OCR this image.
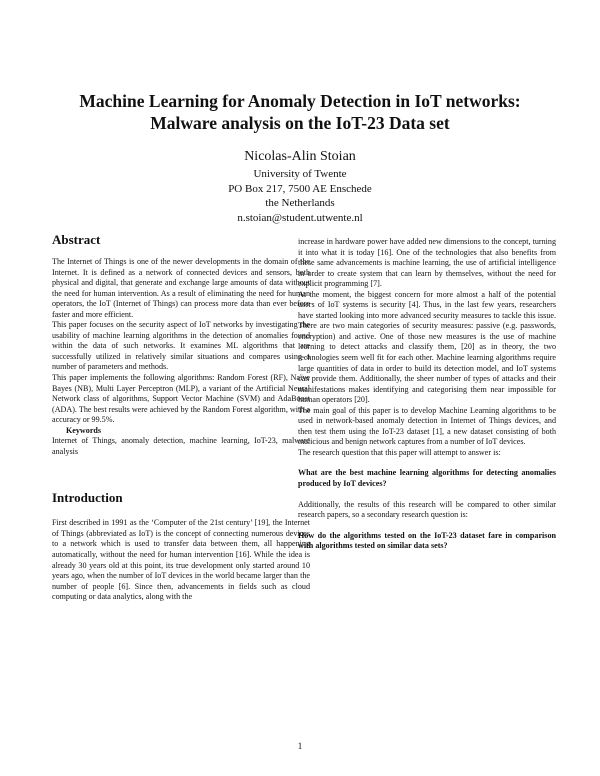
Machine Learning for Anomaly Detection in IoT networks:
Malware analysis on the IoT-23 Data set
Nicolas-Alin Stoian
University of Twente
PO Box 217, 7500 AE Enschede
the Netherlands
n.stoian@student.utwente.nl
Abstract

The Internet of Things is one of the newer developments in the domain of the Internet. It is defined as a network of connected devices and sensors, both physical and digital, that generate and exchange large amounts of data without the need for human intervention. As a result of eliminating the need for human operators, the IoT (Internet of Things) can process more data than ever before faster and more efficient.

This paper focuses on the security aspect of IoT networks by investigating the usability of machine learning algorithms in the detection of anomalies found within the data of such networks. It examines ML algorithms that are successfully utilized in relatively similar situations and compares using a number of parameters and methods.

This paper implements the following algorithms: Random Forest (RF), Naïve Bayes (NB), Multi Layer Perceptron (MLP), a variant of the Artificial Neural Network class of algorithms, Support Vector Machine (SVM) and AdaBoost (ADA). The best results were achieved by the Random Forest algorithm, with a accuracy or 99.5%.

Keywords

Internet of Things, anomaly detection, machine learning, IoT-23, malware analysis

Introduction

First described in 1991 as the ‘Computer of the 21st century’ [19], the Internet of Things (abbreviated as IoT) is the concept of connecting numerous devices to a network which is used to transfer data between them, all happening automatically, without the need for human intervention [16]. While the idea is already 30 years old at this point, its true development only started around 10 years ago, when the number of IoT devices in the world became larger than the number of people [6]. Since then, advancements in fields such as cloud computing or data analytics, along with the

increase in hardware power have added new dimensions to the concept, turning it into what it is today [16]. One of the technologies that also benefits from these same advancements is machine learning, the use of artificial intelligence in order to create system that can learn by themselves, without the need for explicit programming [7].

At the moment, the biggest concern for more almost a half of the potential users of IoT systems is security [4]. Thus, in the last few years, researchers have started looking into more advanced security measures to tackle this issue. There are two main categories of security measures: passive (e.g. passwords, encryption) and active. One of those new measures is the use of machine learning to detect attacks and classify them, [20] as in theory, the two technologies seem well fit for each other. Machine learning algorithms require large quantities of data in order to build its detection model, and IoT systems can provide them. Additionally, the sheer number of types of attacks and their manifestations makes identifying and categorising them near impossible for human operators [20].

The main goal of this paper is to develop Machine Learning algorithms to be used in network-based anomaly detection in Internet of Things devices, and then test them using the IoT-23 dataset [1], a new dataset consisting of both malicious and benign network captures from a number of IoT devices.

The research question that this paper will attempt to answer is:

What are the best machine learning algorithms for detecting anomalies produced by IoT devices?

Additionally, the results of this research will be compared to other similar research papers, so a secondary research question is:

How do the algorithms tested on the IoT-23 dataset fare in comparison with algorithms tested on similar data sets?

1
